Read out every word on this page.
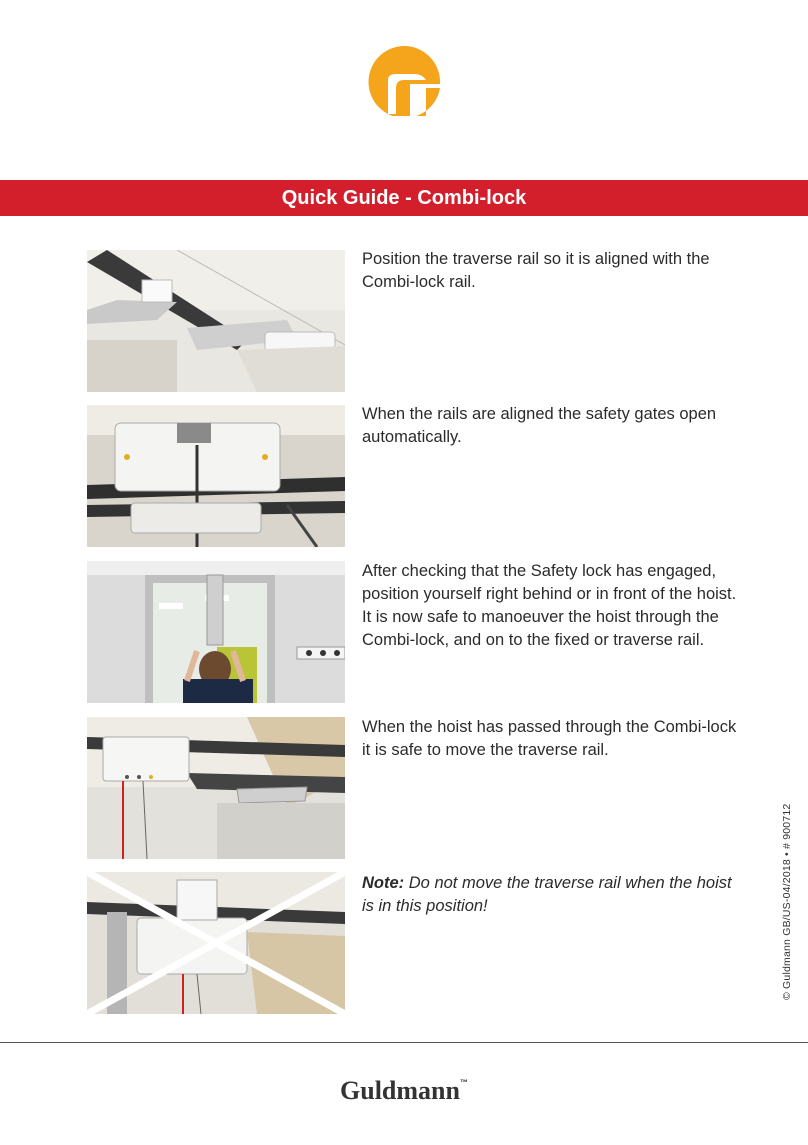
Quick Guide - Combi-lock
Position the traverse rail so it is aligned with the Combi-lock rail.
When the rails are aligned the safety gates open automatically.
After checking that the Safety lock has engaged, position yourself right behind or in front of the hoist. It is now safe to manoeuver the hoist through the Combi-lock, and on to the fixed or traverse rail.
When the hoist has passed through the Combi-lock it is safe to move the traverse rail.
Note: Do not move the traverse rail when the hoist is in this position!	© Guldmann GB/US-04/2018 • # 900712
Guldmann™
